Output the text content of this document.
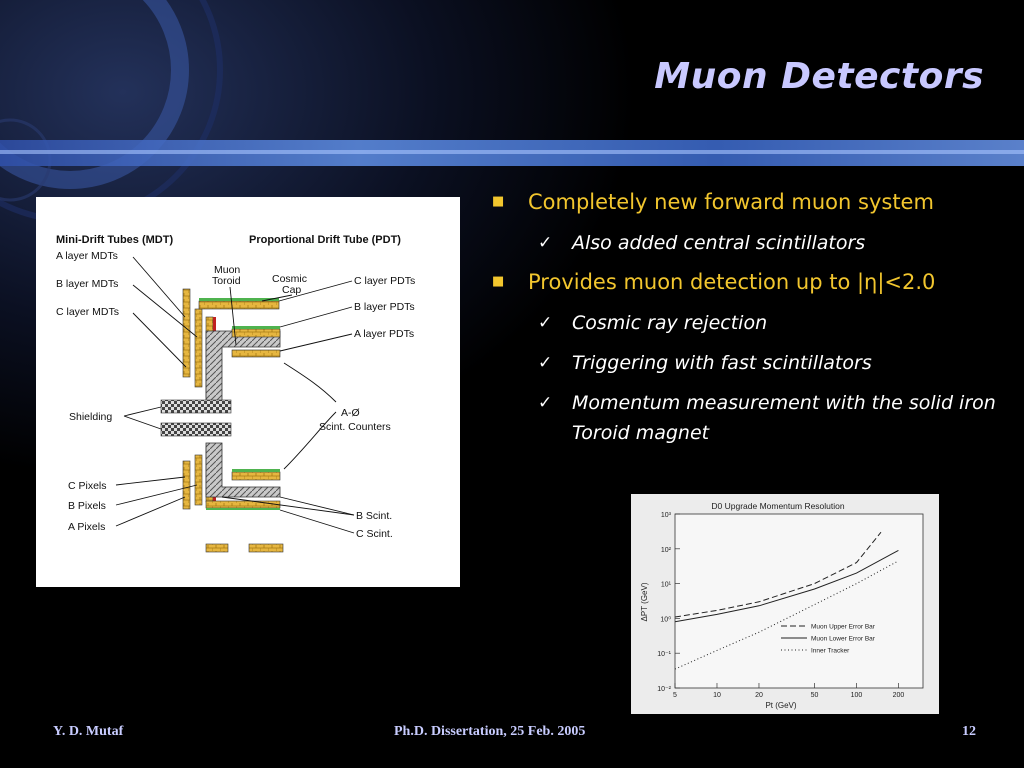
Muon Detectors
■ Completely new forward muon system
✓ Also added central scintillators
■ Provides muon detection up to |η|<2.0
✓ Cosmic ray rejection
✓ Triggering with fast scintillators
✓ Momentum measurement with the solid iron Toroid magnet
Mini-Drift Tubes (MDT)	Proportional Drift Tube (PDT)
A layer MDTs
B layer MDTs
C layer MDTs
Shielding
C Pixels
B Pixels
A Pixels
Muon
Toroid	Cosmic
Cap
C layer PDTs
B layer PDTs
A layer PDTs
A-Ø
Scint. Counters
B Scint.
C Scint.
D0 Upgrade Momentum Resolution
10⁻²
10⁻¹
10⁰
10¹
10²
10³
5	10	20	50	100	200
Muon Upper Error Bar
Muon Lower Error Bar
Inner Tracker
Pt (GeV)
ΔPT (GeV)
Y. D. Mutaf	Ph.D. Dissertation, 25 Feb. 2005	12
